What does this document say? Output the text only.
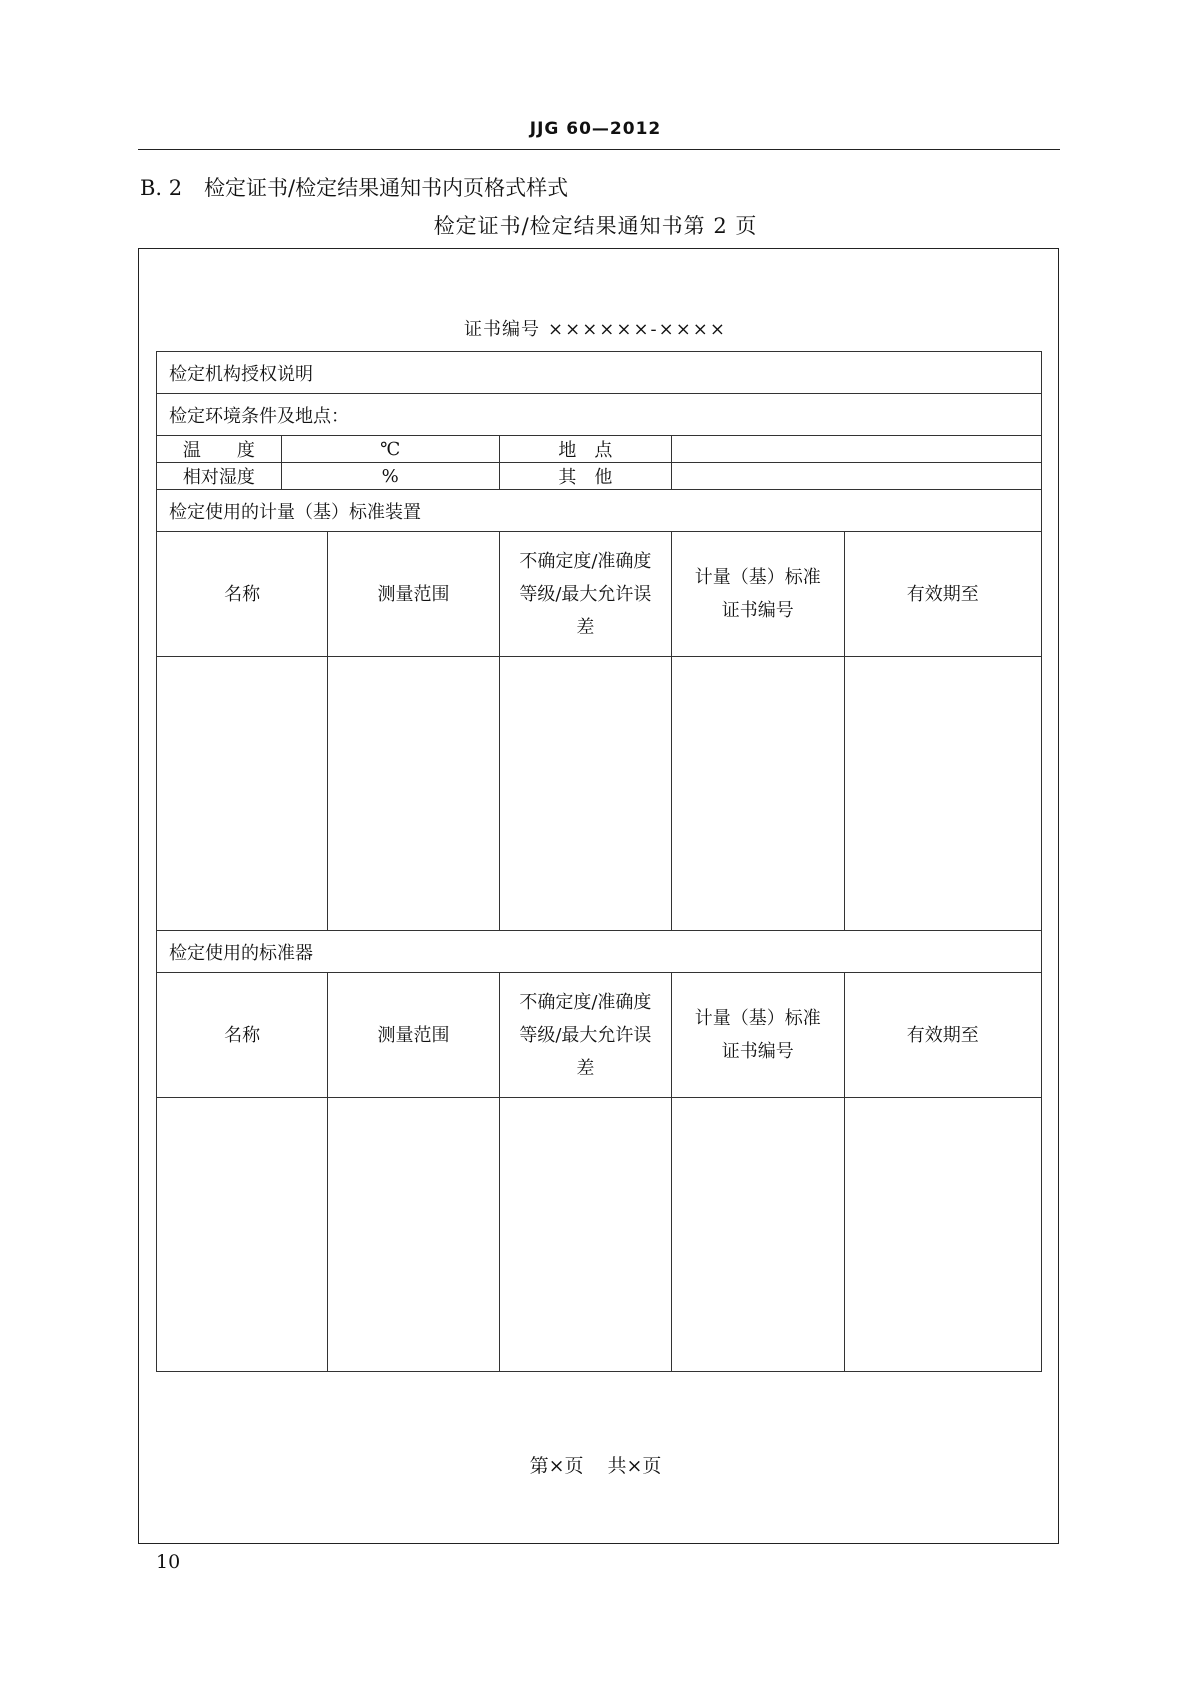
JJG 60—2012
B. 2 检定证书/检定结果通知书内页格式样式
检定证书/检定结果通知书第 2 页
证书编号 ××××××-××××
检定机构授权说明					
检定环境条件及地点：					
温　　度	℃		地　点		
相对湿度	%		其　他		
检定使用的计量（基）标准装置					
名称		测量范围	不确定度/准确度等级/最大允许误差	计量（基）标准证书编号	有效期至

检定使用的标准器					
名称		测量范围	不确定度/准确度等级/最大允许误差	计量（基）标准证书编号	有效期至

第×页 共×页
10
